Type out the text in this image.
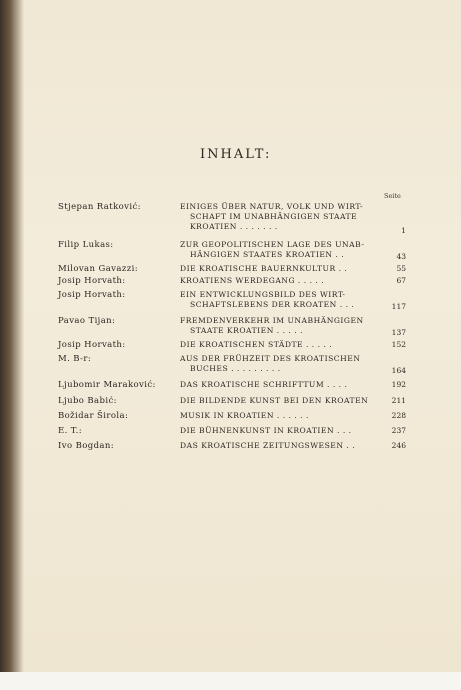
INHALT:
Seite
Stjepan Ratković:	EINIGES ÜBER NATUR, VOLK UND WIRT-
SCHAFT IM UNABHÄNGIGEN STAATE
KROATIEN . . . . . . .	1
Filip Lukas:	ZUR GEOPOLITISCHEN LAGE DES UNAB-
HÄNGIGEN STAATES KROATIEN . .	43
Milovan Gavazzi:	DIE KROATISCHE BAUERNKULTUR . .	55
Josip Horvath:	KROATIENS WERDEGANG . . . . .	67
Josip Horvath:	EIN ENTWICKLUNGSBILD DES WIRT-
SCHAFTSLEBENS DER KROATEN . . .	117
Pavao Tijan:	FREMDENVERKEHR IM UNABHÄNGIGEN
STAATE KROATIEN . . . . .	137
Josip Horvath:	DIE KROATISCHEN STÄDTE . . . . .	152
M. B-r:	AUS DER FRÜHZEIT DES KROATISCHEN
BUCHES . . . . . . . . .	164
Ljubomir Maraković:	DAS KROATISCHE SCHRIFTTUM . . . .	192
Ljubo Babić:	DIE BILDENDE KUNST BEI DEN KROATEN	211
Božidar Širola:	MUSIK IN KROATIEN . . . . . .	228
E. T.:	DIE BÜHNENKUNST IN KROATIEN . . .	237
Ivo Bogdan:	DAS KROATISCHE ZEITUNGSWESEN . .	246
